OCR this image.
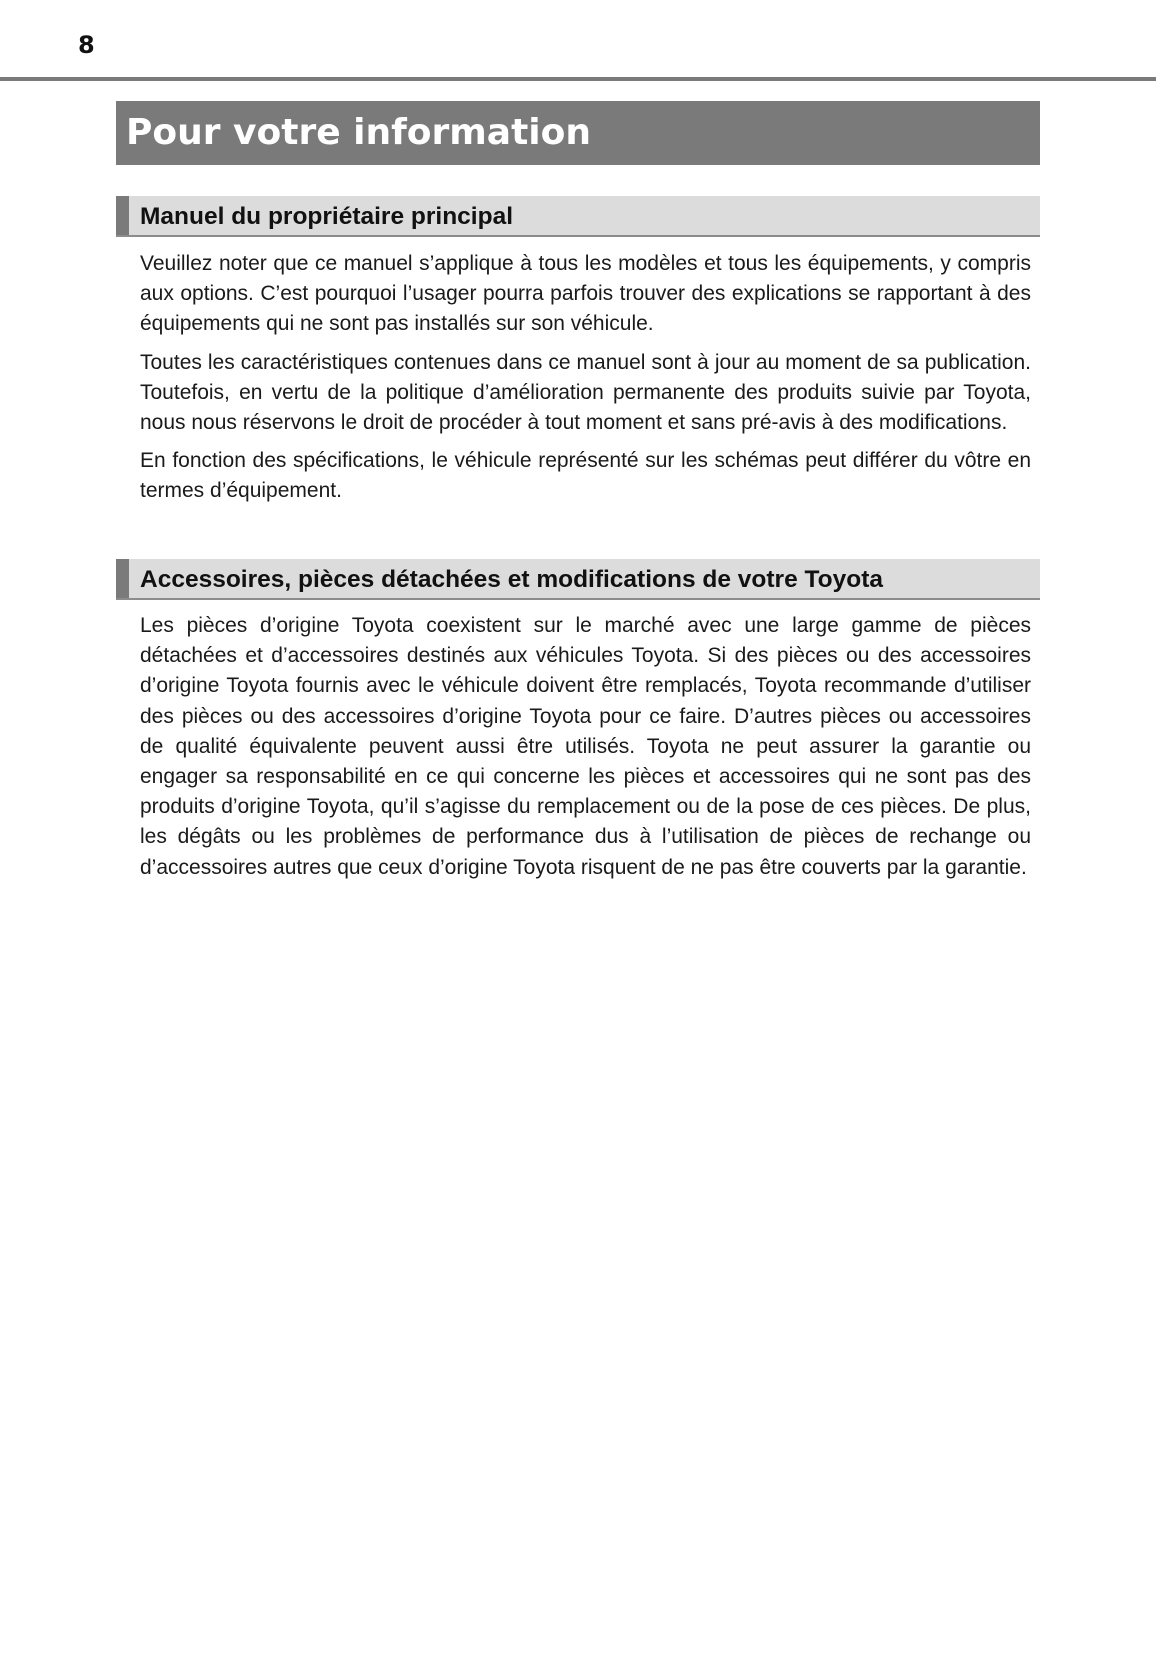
8
Pour votre information
Manuel du propriétaire principal

Veuillez noter que ce manuel s’applique à tous les modèles et tous les équipements, y compris aux options. C’est pourquoi l’usager pourra parfois trouver des explications se rapportant à des équipements qui ne sont pas installés sur son véhicule.

Toutes les caractéristiques contenues dans ce manuel sont à jour au moment de sa publication. Toutefois, en vertu de la politique d’amélioration permanente des produits suivie par Toyota, nous nous réservons le droit de procéder à tout moment et sans pré-avis à des modifications.

En fonction des spécifications, le véhicule représenté sur les schémas peut différer du vôtre en termes d’équipement.

Accessoires, pièces détachées et modifications de votre Toyota

Les pièces d’origine Toyota coexistent sur le marché avec une large gamme de pièces détachées et d’accessoires destinés aux véhicules Toyota. Si des pièces ou des accessoires d’origine Toyota fournis avec le véhicule doivent être remplacés, Toyota recommande d’utiliser des pièces ou des accessoires d’origine Toyota pour ce faire. D’autres pièces ou accessoires de qualité équivalente peuvent aussi être utilisés. Toyota ne peut assurer la garantie ou engager sa responsabilité en ce qui concerne les pièces et accessoires qui ne sont pas des produits d’origine Toyota, qu’il s’agisse du remplacement ou de la pose de ces pièces. De plus, les dégâts ou les problèmes de performance dus à l’utilisation de pièces de rechange ou d’accessoires autres que ceux d’origine Toyota risquent de ne pas être couverts par la garantie.
